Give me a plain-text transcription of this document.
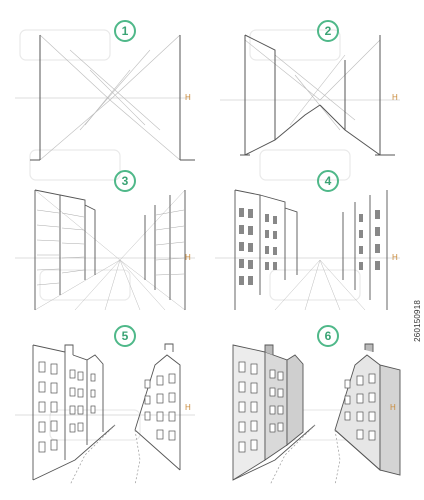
1
H
2
H
3
H
4
H
5
H
6
H
260150918
